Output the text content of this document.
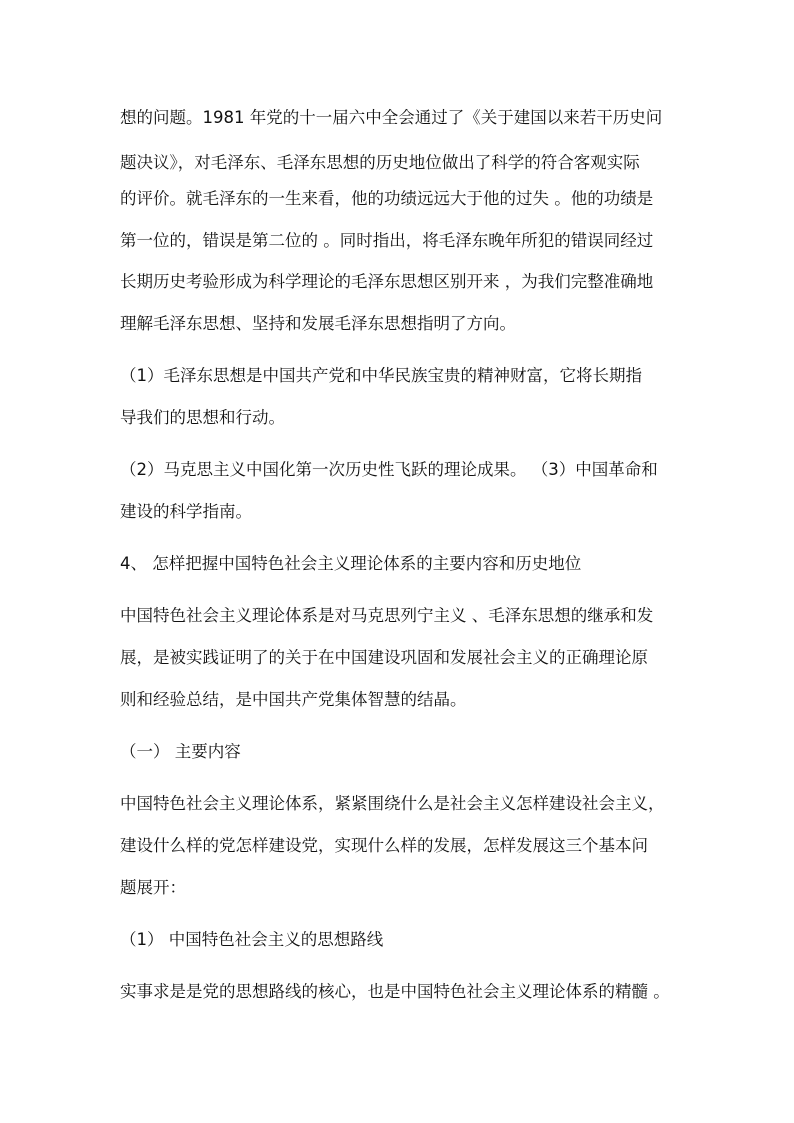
想的问题。1981 年党的十一届六中全会通过了《关于建国以来若干历史问
题决议》，对毛泽东、毛泽东思想的历史地位做出了科学的符合客观实际
的评价。就毛泽东的一生来看，他的功绩远远大于他的过失 。他的功绩是
第一位的，错误是第二位的 。同时指出，将毛泽东晚年所犯的错误同经过
长期历史考验形成为科学理论的毛泽东思想区别开来 ，为我们完整准确地
理解毛泽东思想、坚持和发展毛泽东思想指明了方向。
（1）毛泽东思想是中国共产党和中华民族宝贵的精神财富，它将长期指
导我们的思想和行动。
（2）马克思主义中国化第一次历史性飞跃的理论成果。 （3）中国革命和
建设的科学指南。
4、 怎样把握中国特色社会主义理论体系的主要内容和历史地位
中国特色社会主义理论体系是对马克思列宁主义 、毛泽东思想的继承和发
展，是被实践证明了的关于在中国建设巩固和发展社会主义的正确理论原
则和经验总结，是中国共产党集体智慧的结晶。
（一） 主要内容
中国特色社会主义理论体系，紧紧围绕什么是社会主义怎样建设社会主义，
建设什么样的党怎样建设党，实现什么样的发展，怎样发展这三个基本问
题展开：
（1） 中国特色社会主义的思想路线
实事求是是党的思想路线的核心，也是中国特色社会主义理论体系的精髓 。
